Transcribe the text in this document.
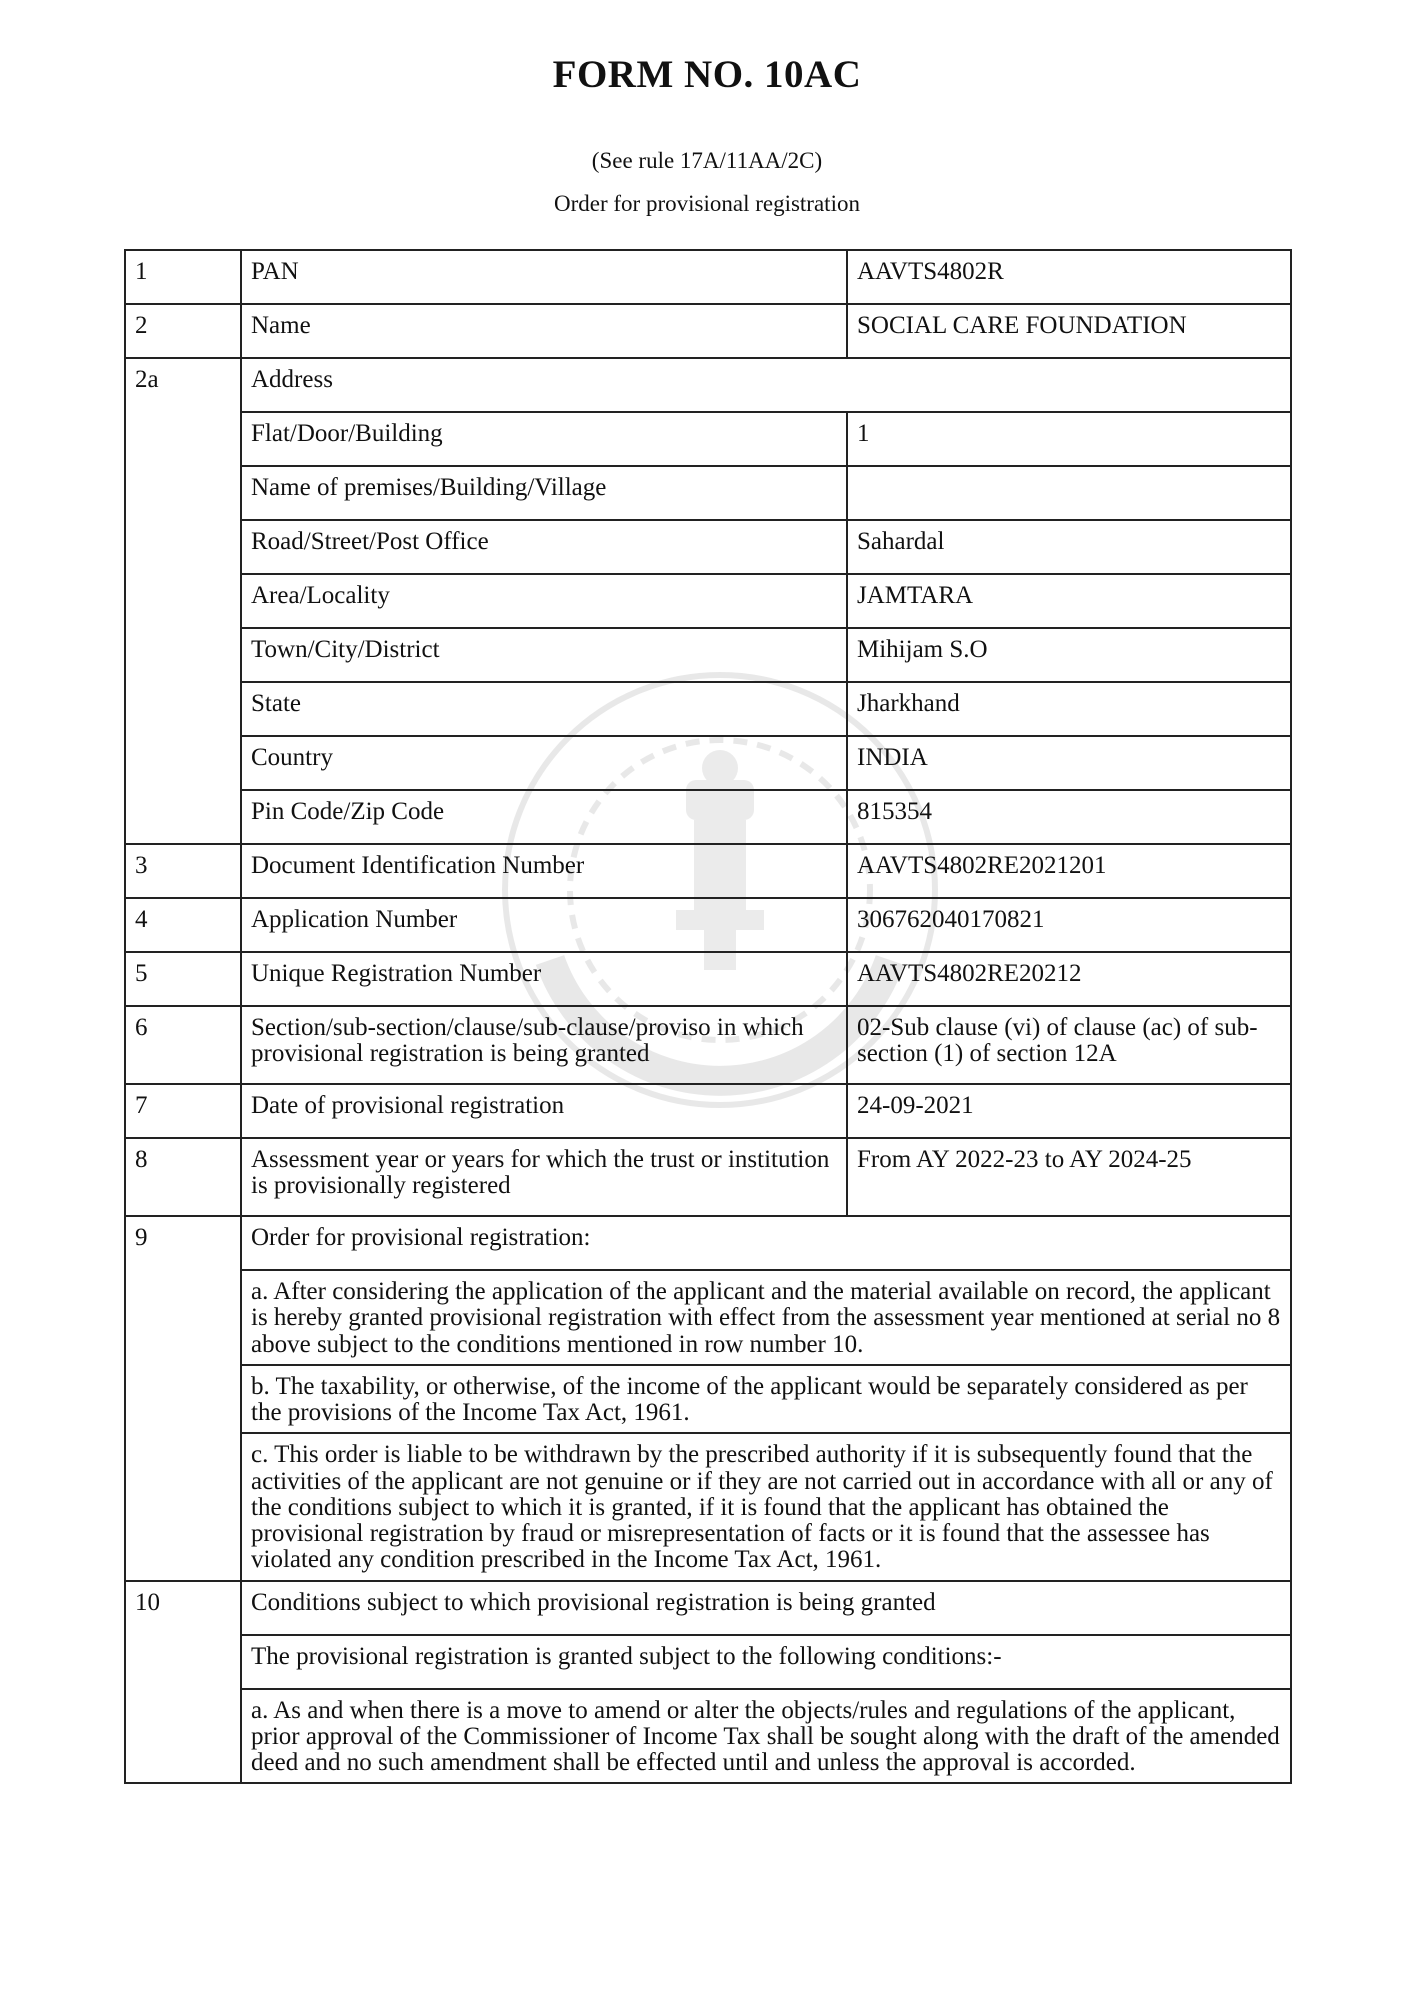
FORM NO. 10AC
(See rule 17A/11AA/2C)
Order for provisional registration
1	PAN	AAVTS4802R
2	Name	SOCIAL CARE FOUNDATION
2a	Address	
	Flat/Door/Building	1
	Name of premises/Building/Village	
	Road/Street/Post Office	Sahardal
	Area/Locality	JAMTARA
	Town/City/District	Mihijam S.O
	State	Jharkhand
	Country	INDIA
	Pin Code/Zip Code	815354
3	Document Identification Number	AAVTS4802RE2021201
4	Application Number	306762040170821
5	Unique Registration Number	AAVTS4802RE20212
6	Section/sub-section/clause/sub-clause/proviso in which provisional registration is being granted	02-Sub clause (vi) of clause (ac) of sub-section (1) of section 12A
7	Date of provisional registration	24-09-2021
8	Assessment year or years for which the trust or institution is provisionally registered	From AY 2022-23 to AY 2024-25
9	Order for provisional registration:	

	a. After considering the application of the applicant and the material available on record, the applicant is hereby granted provisional registration with effect from the assessment year mentioned at serial no 8 above subject to the conditions mentioned in row number 10.	

	b. The taxability, or otherwise, of the income of the applicant would be separately considered as per the provisions of the Income Tax Act, 1961.	

	c. This order is liable to be withdrawn by the prescribed authority if it is subsequently found that the activities of the applicant are not genuine or if they are not carried out in accordance with all or any of the conditions subject to which it is granted, if it is found that the applicant has obtained the provisional registration by fraud or misrepresentation of facts or it is found that the assessee has violated any condition prescribed in the Income Tax Act, 1961.	

10	Conditions subject to which provisional registration is being granted	
	The provisional registration is granted subject to the following conditions:-	

	a. As and when there is a move to amend or alter the objects/rules and regulations of the applicant, prior approval of the Commissioner of Income Tax shall be sought along with the draft of the amended deed and no such amendment shall be effected until and unless the approval is accorded.	
